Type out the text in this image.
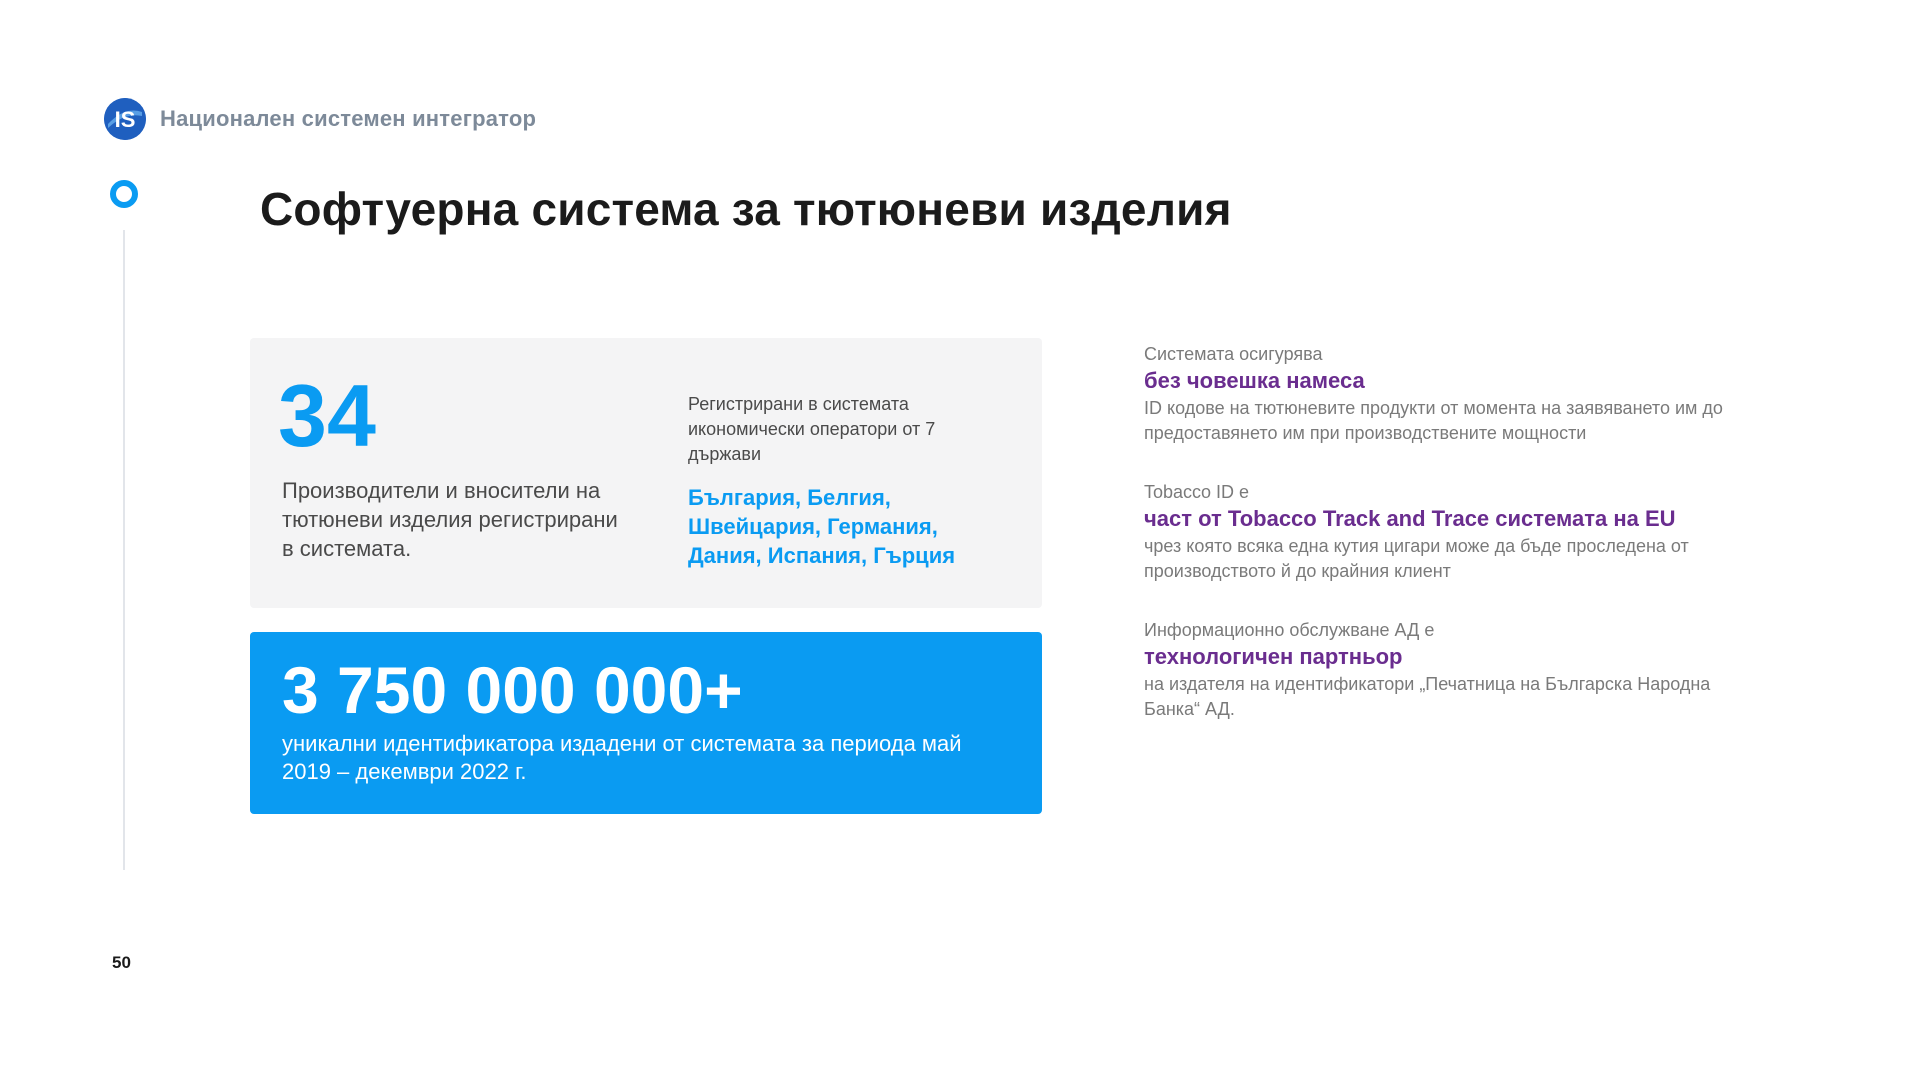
IS Национален системен интегратор
Софтуерна система за тютюневи изделия
34
Производители и вносители на тютюневи изделия регистрирани в системата.
Регистрирани в системата икономически оператори от 7 държави
България, Белгия, Швейцария, Германия, Дания, Испания, Гърция
3 750 000 000+
уникални идентификатора издадени от системата за периода май 2019 – декември 2022 г.
Системата осигурява
без човешка намеса
ID кодове на тютюневите продукти от момента на заявяването им до предоставянето им при производствените мощности
Tobacco ID е
част от Tobacco Track and Trace системата на EU
чрез която всяка една кутия цигари може да бъде проследена от производството й до крайния клиент
Информационно обслужване АД е
технологичен партньор
на издателя на идентификатори „Печатница на Българска Народна Банка“ АД.
50
